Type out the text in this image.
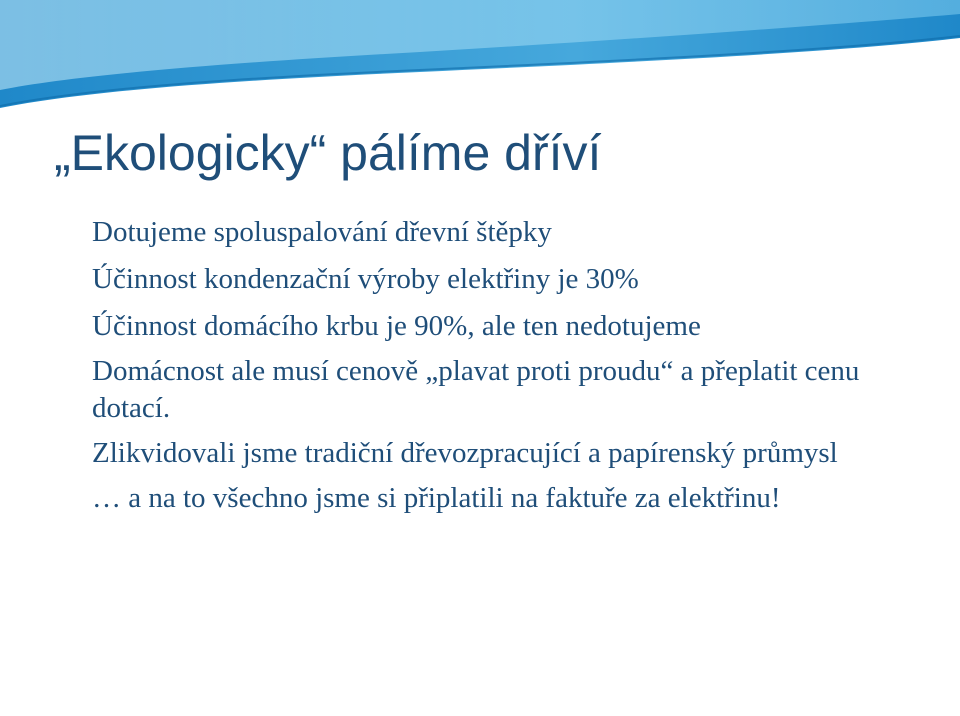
„Ekologicky“ pálíme dříví
Dotujeme spoluspalování dřevní štěpky
Účinnost kondenzační výroby elektřiny je 30%
Účinnost domácího krbu je 90%, ale ten nedotujeme
Domácnost ale musí cenově „plavat proti proudu“ a přeplatit cenu dotací.
Zlikvidovali jsme tradiční dřevozpracující a papírenský průmysl
… a na to všechno jsme si připlatili na faktuře za elektřinu!
